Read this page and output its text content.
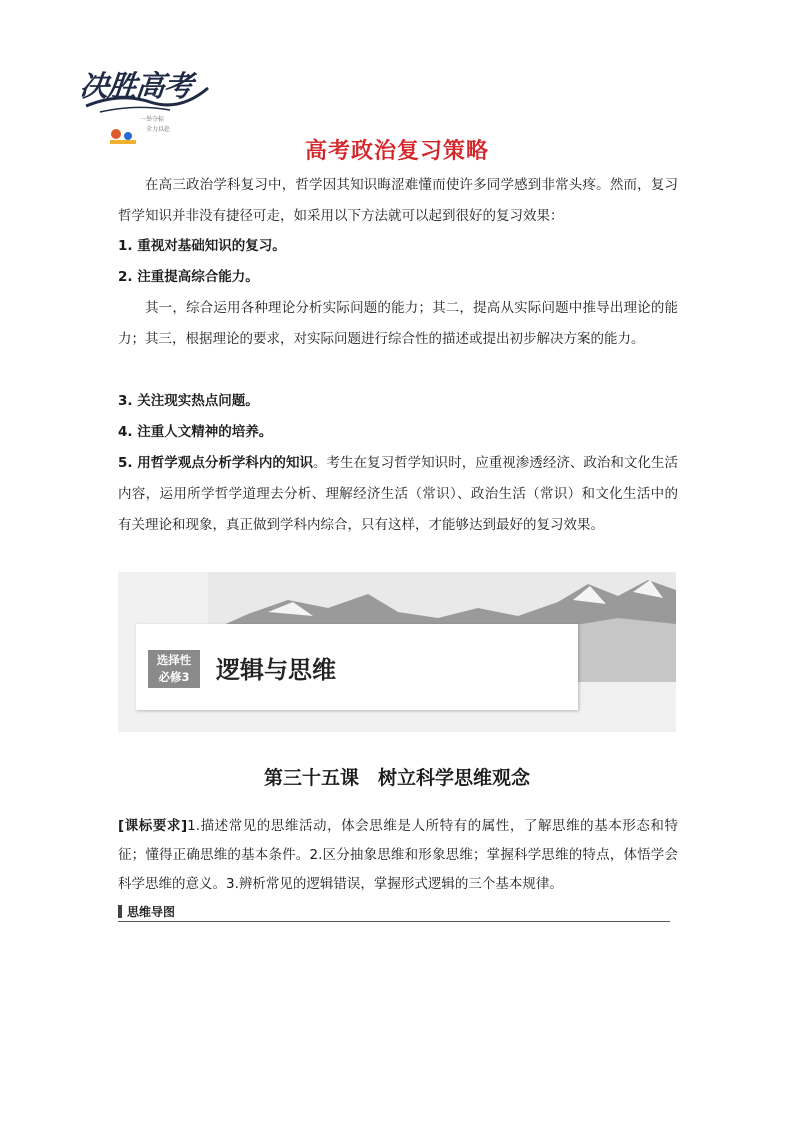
决胜高考
一举夺标
全力以赴
高考政治复习策略
在高三政治学科复习中，哲学因其知识晦涩难懂而使许多同学感到非常头疼。然而，复习哲学知识并非没有捷径可走，如采用以下方法就可以起到很好的复习效果：
1. 重视对基础知识的复习。
2. 注重提高综合能力。
其一，综合运用各种理论分析实际问题的能力；其二，提高从实际问题中推导出理论的能力；其三，根据理论的要求，对实际问题进行综合性的描述或提出初步解决方案的能力。
3. 关注现实热点问题。
4. 注重人文精神的培养。
5. 用哲学观点分析学科内的知识。考生在复习哲学知识时，应重视渗透经济、政治和文化生活内容，运用所学哲学道理去分析、理解经济生活（常识）、政治生活（常识）和文化生活中的有关理论和现象，真正做到学科内综合，只有这样，才能够达到最好的复习效果。
选择性
必修3	逻辑与思维
第三十五课　树立科学思维观念
[课标要求]1.描述常见的思维活动，体会思维是人所特有的属性，了解思维的基本形态和特征；懂得正确思维的基本条件。2.区分抽象思维和形象思维；掌握科学思维的特点，体悟学会科学思维的意义。3.辨析常见的逻辑错误，掌握形式逻辑的三个基本规律。
思维导图
